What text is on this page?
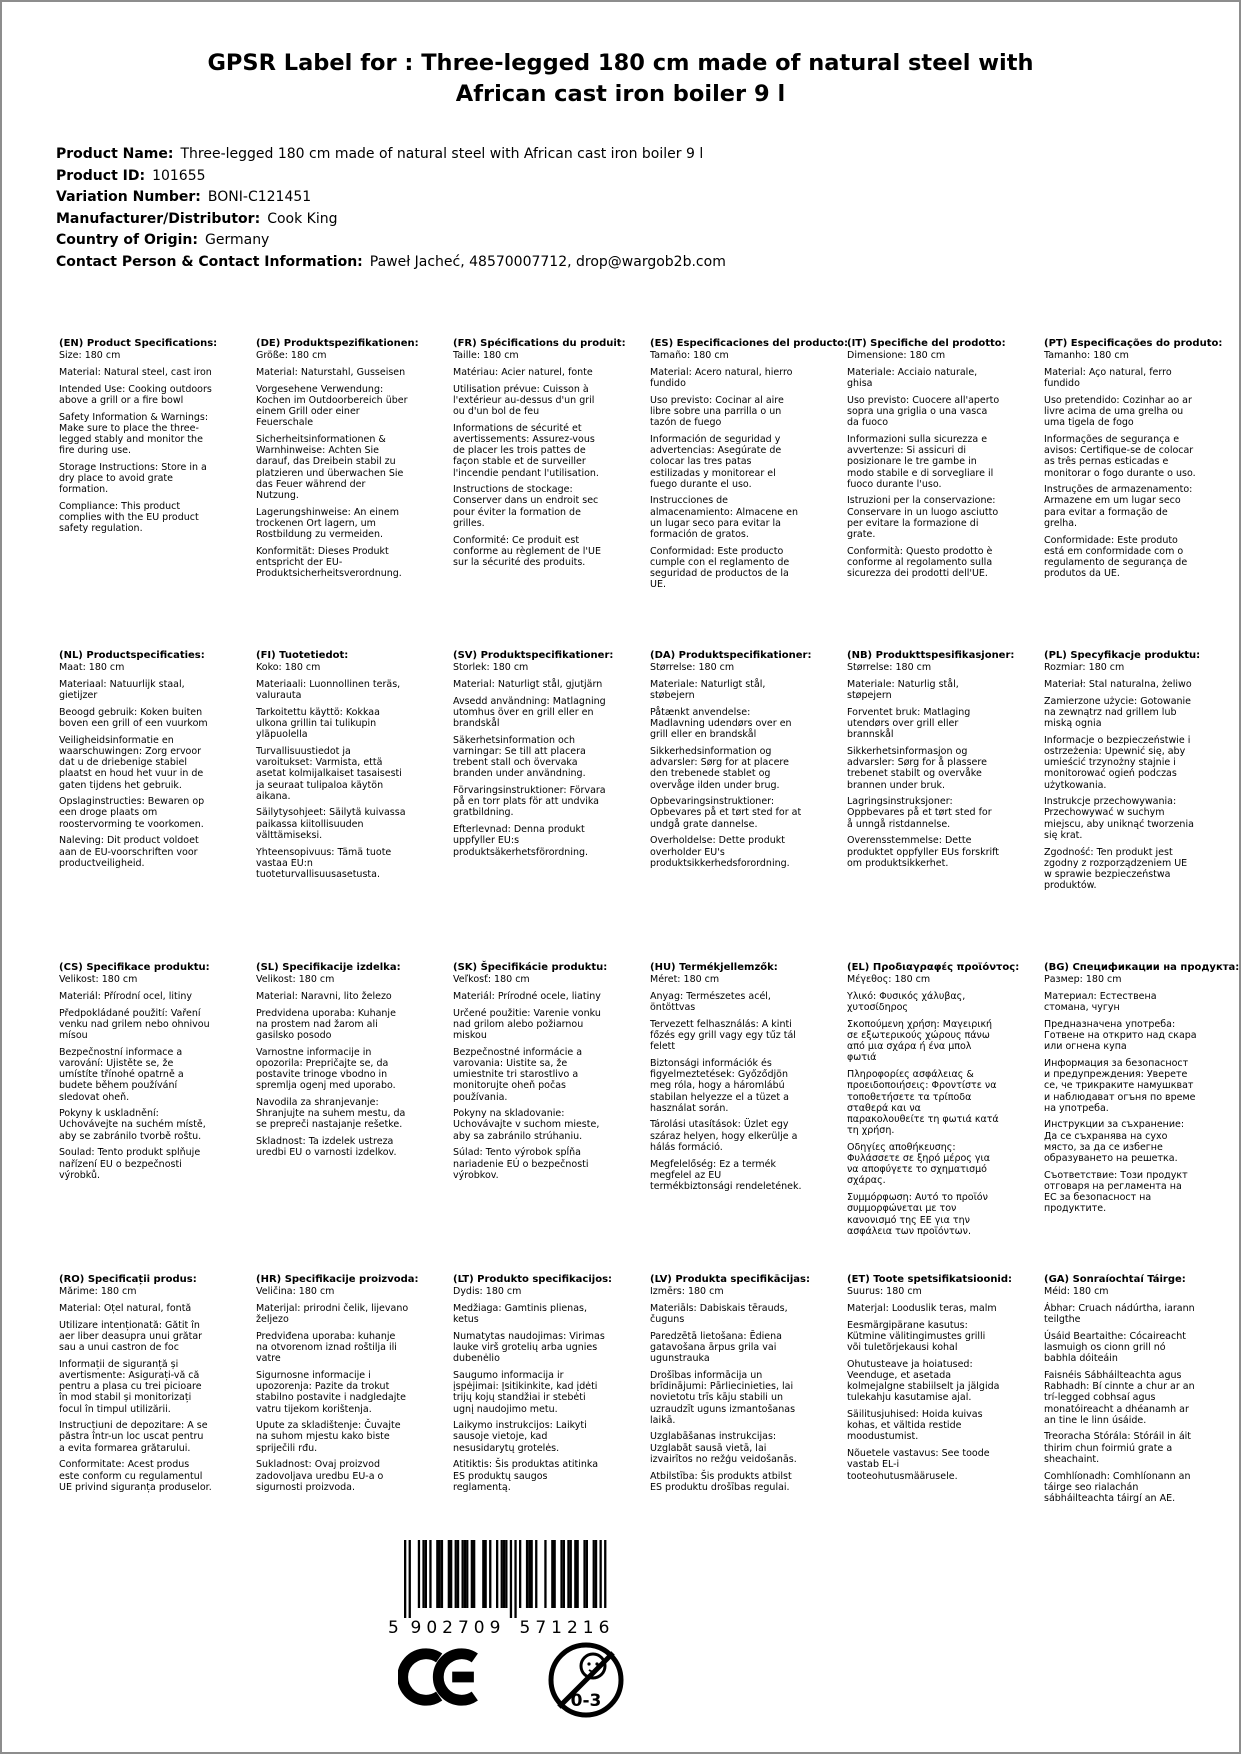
GPSR Label for : Three-legged 180 cm made of natural steel with African cast iron boiler 9 l
Product Name: Three-legged 180 cm made of natural steel with African cast iron boiler 9 l
Product ID: 101655
Variation Number: BONI-C121451
Manufacturer/Distributor: Cook King
Country of Origin: Germany
Contact Person & Contact Information: Paweł Jacheć, 48570007712, drop@wargob2b.com
(EN) Product Specifications:

Size: 180 cm

Material: Natural steel, cast iron

Intended Use: Cooking outdoors above a grill or a fire bowl

Safety Information & Warnings: Make sure to place the three-legged stably and monitor the fire during use.

Storage Instructions: Store in a dry place to avoid grate formation.

Compliance: This product complies with the EU product safety regulation.

(DE) Produktspezifikationen:

Größe: 180 cm

Material: Naturstahl, Gusseisen

Vorgesehene Verwendung: Kochen im Outdoorbereich über einem Grill oder einer Feuerschale

Sicherheitsinformationen & Warnhinweise: Achten Sie darauf, das Dreibein stabil zu platzieren und überwachen Sie das Feuer während der Nutzung.

Lagerungshinweise: An einem trockenen Ort lagern, um Rostbildung zu vermeiden.

Konformität: Dieses Produkt entspricht der EU-Produktsicherheitsverordnung.

(FR) Spécifications du produit:

Taille: 180 cm

Matériau: Acier naturel, fonte

Utilisation prévue: Cuisson à l'extérieur au-dessus d'un gril ou d'un bol de feu

Informations de sécurité et avertissements: Assurez-vous de placer les trois pattes de façon stable et de surveiller l'incendie pendant l'utilisation.

Instructions de stockage: Conserver dans un endroit sec pour éviter la formation de grilles.

Conformité: Ce produit est conforme au règlement de l'UE sur la sécurité des produits.

(ES) Especificaciones del producto:

Tamaño: 180 cm

Material: Acero natural, hierro fundido

Uso previsto: Cocinar al aire libre sobre una parrilla o un tazón de fuego

Información de seguridad y advertencias: Asegúrate de colocar las tres patas estilizadas y monitorear el fuego durante el uso.

Instrucciones de almacenamiento: Almacene en un lugar seco para evitar la formación de gratos.

Conformidad: Este producto cumple con el reglamento de seguridad de productos de la UE.

(IT) Specifiche del prodotto:

Dimensione: 180 cm

Materiale: Acciaio naturale, ghisa

Uso previsto: Cuocere all'aperto sopra una griglia o una vasca da fuoco

Informazioni sulla sicurezza e avvertenze: Si assicuri di posizionare le tre gambe in modo stabile e di sorvegliare il fuoco durante l'uso.

Istruzioni per la conservazione: Conservare in un luogo asciutto per evitare la formazione di grate.

Conformità: Questo prodotto è conforme al regolamento sulla sicurezza dei prodotti dell'UE.

(PT) Especificações do produto:

Tamanho: 180 cm

Material: Aço natural, ferro fundido

Uso pretendido: Cozinhar ao ar livre acima de uma grelha ou uma tigela de fogo

Informações de segurança e avisos: Certifique-se de colocar as três pernas esticadas e monitorar o fogo durante o uso.

Instruções de armazenamento: Armazene em um lugar seco para evitar a formação de grelha.

Conformidade: Este produto está em conformidade com o regulamento de segurança de produtos da UE.

(NL) Productspecificaties:

Maat: 180 cm

Materiaal: Natuurlijk staal, gietijzer

Beoogd gebruik: Koken buiten boven een grill of een vuurkom

Veiligheidsinformatie en waarschuwingen: Zorg ervoor dat u de driebenige stabiel plaatst en houd het vuur in de gaten tijdens het gebruik.

Opslaginstructies: Bewaren op een droge plaats om roostervorming te voorkomen.

Naleving: Dit product voldoet aan de EU-voorschriften voor productveiligheid.

(FI) Tuotetiedot:

Koko: 180 cm

Materiaali: Luonnollinen teräs, valurauta

Tarkoitettu käyttö: Kokkaa ulkona grillin tai tulikupin yläpuolella

Turvallisuustiedot ja varoitukset: Varmista, että asetat kolmijalkaiset tasaisesti ja seuraat tulipaloa käytön aikana.

Säilytysohjeet: Säilytä kuivassa paikassa kiitollisuuden välttämiseksi.

Yhteensopivuus: Tämä tuote vastaa EU:n tuoteturvallisuusasetusta.

(SV) Produktspecifikationer:

Storlek: 180 cm

Material: Naturligt stål, gjutjärn

Avsedd användning: Matlagning utomhus över en grill eller en brandskål

Säkerhetsinformation och varningar: Se till att placera trebent stall och övervaka branden under användning.

Förvaringsinstruktioner: Förvara på en torr plats för att undvika gratbildning.

Efterlevnad: Denna produkt uppfyller EU:s produktsäkerhetsförordning.

(DA) Produktspecifikationer:

Størrelse: 180 cm

Materiale: Naturligt stål, støbejern

Påtænkt anvendelse: Madlavning udendørs over en grill eller en brandskål

Sikkerhedsinformation og advarsler: Sørg for at placere den trebenede stablet og overvåge ilden under brug.

Opbevaringsinstruktioner: Opbevares på et tørt sted for at undgå grate dannelse.

Overholdelse: Dette produkt overholder EU's produktsikkerhedsforordning.

(NB) Produkttspesifikasjoner:

Størrelse: 180 cm

Materiale: Naturlig stål, støpejern

Forventet bruk: Matlaging utendørs over grill eller brannskål

Sikkerhetsinformasjon og advarsler: Sørg for å plassere trebenet stabilt og overvåke brannen under bruk.

Lagringsinstruksjoner: Oppbevares på et tørt sted for å unngå ristdannelse.

Overensstemmelse: Dette produktet oppfyller EUs forskrift om produktsikkerhet.

(PL) Specyfikacje produktu:

Rozmiar: 180 cm

Materiał: Stal naturalna, żeliwo

Zamierzone użycie: Gotowanie na zewnątrz nad grillem lub miską ognia

Informacje o bezpieczeństwie i ostrzeżenia: Upewnić się, aby umieścić trzynożny stajnie i monitorować ogień podczas użytkowania.

Instrukcje przechowywania: Przechowywać w suchym miejscu, aby uniknąć tworzenia się krat.

Zgodność: Ten produkt jest zgodny z rozporządzeniem UE w sprawie bezpieczeństwa produktów.

(CS) Specifikace produktu:

Velikost: 180 cm

Materiál: Přírodní ocel, litiny

Předpokládané použití: Vaření venku nad grilem nebo ohnivou mísou

Bezpečnostní informace a varování: Ujistěte se, že umístíte třínohé opatrně a budete během používání sledovat oheň.

Pokyny k uskladnění: Uchovávejte na suchém místě, aby se zabránilo tvorbě roštu.

Soulad: Tento produkt splňuje nařízení EU o bezpečnosti výrobků.

(SL) Specifikacije izdelka:

Velikost: 180 cm

Material: Naravni, lito železo

Predvidena uporaba: Kuhanje na prostem nad žarom ali gasilsko posodo

Varnostne informacije in opozorila: Prepričajte se, da postavite trinoge vbodno in spremlja ogenj med uporabo.

Navodila za shranjevanje: Shranjujte na suhem mestu, da se prepreči nastajanje rešetke.

Skladnost: Ta izdelek ustreza uredbi EU o varnosti izdelkov.

(SK) Špecifikácie produktu:

Veľkosť: 180 cm

Materiál: Prírodné ocele, liatiny

Určené použitie: Varenie vonku nad grilom alebo požiarnou miskou

Bezpečnostné informácie a varovania: Uistite sa, že umiestnite tri starostlivo a monitorujte oheň počas používania.

Pokyny na skladovanie: Uchovávajte v suchom mieste, aby sa zabránilo strúhaniu.

Súlad: Tento výrobok spĺňa nariadenie EÚ o bezpečnosti výrobkov.

(HU) Termékjellemzők:

Méret: 180 cm

Anyag: Természetes acél, öntöttvas

Tervezett felhasználás: A kinti főzés egy grill vagy egy tűz tál felett

Biztonsági információk és figyelmeztetések: Győződjön meg róla, hogy a háromlábú stabilan helyezze el a tüzet a használat során.

Tárolási utasítások: Üzlet egy száraz helyen, hogy elkerülje a hálás formáció.

Megfelelőség: Ez a termék megfelel az EU termékbiztonsági rendeletének.

(EL) Προδιαγραφές προϊόντος:

Μέγεθος: 180 cm

Υλικό: Φυσικός χάλυβας, χυτοσίδηρος

Σκοπούμενη χρήση: Μαγειρική σε εξωτερικούς χώρους πάνω από μια σχάρα ή ένα μπολ φωτιά

Πληροφορίες ασφάλειας & προειδοποιήσεις: Φροντίστε να τοποθετήσετε τα τρίποδα σταθερά και να παρακολουθείτε τη φωτιά κατά τη χρήση.

Οδηγίες αποθήκευσης: Φυλάσσετε σε ξηρό μέρος για να αποφύγετε το σχηματισμό σχάρας.

Συμμόρφωση: Αυτό το προϊόν συμμορφώνεται με τον κανονισμό της ΕΕ για την ασφάλεια των προϊόντων.

(BG) Спецификации на продукта:

Размер: 180 cm

Материал: Естествена стомана, чугун

Предназначена употреба: Готвене на открито над скара или огнена купа

Информация за безопасност и предупреждения: Уверете се, че трикраките намушкват и наблюдават огъня по време на употреба.

Инструкции за съхранение: Да се съхранява на сухо място, за да се избегне образуването на решетка.

Съответствие: Този продукт отговаря на регламента на ЕС за безопасност на продуктите.

(RO) Specificații produs:

Mărime: 180 cm

Material: Oțel natural, fontă

Utilizare intenționată: Gătit în aer liber deasupra unui grătar sau a unui castron de foc

Informații de siguranță și avertismente: Asigurați-vă că pentru a plasa cu trei picioare în mod stabil și monitorizați focul în timpul utilizării.

Instrucțiuni de depozitare: A se păstra într-un loc uscat pentru a evita formarea grătarului.

Conformitate: Acest produs este conform cu regulamentul UE privind siguranța produselor.

(HR) Specifikacije proizvoda:

Veličina: 180 cm

Materijal: prirodni čelik, lijevano željezo

Predviđena uporaba: kuhanje na otvorenom iznad roštilja ili vatre

Sigurnosne informacije i upozorenja: Pazite da trokut stabilno postavite i nadgledajte vatru tijekom korištenja.

Upute za skladištenje: Čuvajte na suhom mjestu kako biste spriječili rđu.

Sukladnost: Ovaj proizvod zadovoljava uredbu EU-a o sigurnosti proizvoda.

(LT) Produkto specifikacijos:

Dydis: 180 cm

Medžiaga: Gamtinis plienas, ketus

Numatytas naudojimas: Virimas lauke virš grotelių arba ugnies dubenėlio

Saugumo informacija ir įspėjimai: Įsitikinkite, kad įdėti trijų kojų standžiai ir stebėti ugnį naudojimo metu.

Laikymo instrukcijos: Laikyti sausoje vietoje, kad nesusidarytų grotelės.

Atitiktis: Šis produktas atitinka ES produktų saugos reglamentą.

(LV) Produkta specifikācijas:

Izmērs: 180 cm

Materiāls: Dabiskais tērauds, čuguns

Paredzētā lietošana: Ēdiena gatavošana ārpus grila vai ugunstrauka

Drošības informācija un brīdinājumi: Pārliecinieties, lai novietotu trīs kāju stabili un uzraudzīt uguns izmantošanas laikā.

Uzglabāšanas instrukcijas: Uzglabāt sausā vietā, lai izvairītos no režģu veidošanās.

Atbilstība: Šis produkts atbilst ES produktu drošības regulai.

(ET) Toote spetsifikatsioonid:

Suurus: 180 cm

Materjal: Looduslik teras, malm

Eesmärgipärane kasutus: Kütmine välitingimustes grilli või tuletõrjekausi kohal

Ohutusteave ja hoiatused: Veenduge, et asetada kolmejalgne stabiilselt ja jälgida tulekahju kasutamise ajal.

Säilitusjuhised: Hoida kuivas kohas, et vältida restide moodustumist.

Nõuetele vastavus: See toode vastab EL-i tooteohutusmäärusele.

(GA) Sonraíochtaí Táirge:

Méid: 180 cm

Ábhar: Cruach nádúrtha, iarann teilgthe

Úsáid Beartaithe: Cócaireacht lasmuigh os cionn grill nó babhla dóiteáin

Faisnéis Sábháilteachta agus Rabhadh: Bí cinnte a chur ar an trí-legged cobhsaí agus monatóireacht a dhéanamh ar an tine le linn úsáide.

Treoracha Stórála: Stóráil in áit thirim chun foirmiú grate a sheachaint.

Comhlíonadh: Comhlíonann an táirge seo rialachán sábháilteachta táirgí an AE.

5 902709 571216
0-3
